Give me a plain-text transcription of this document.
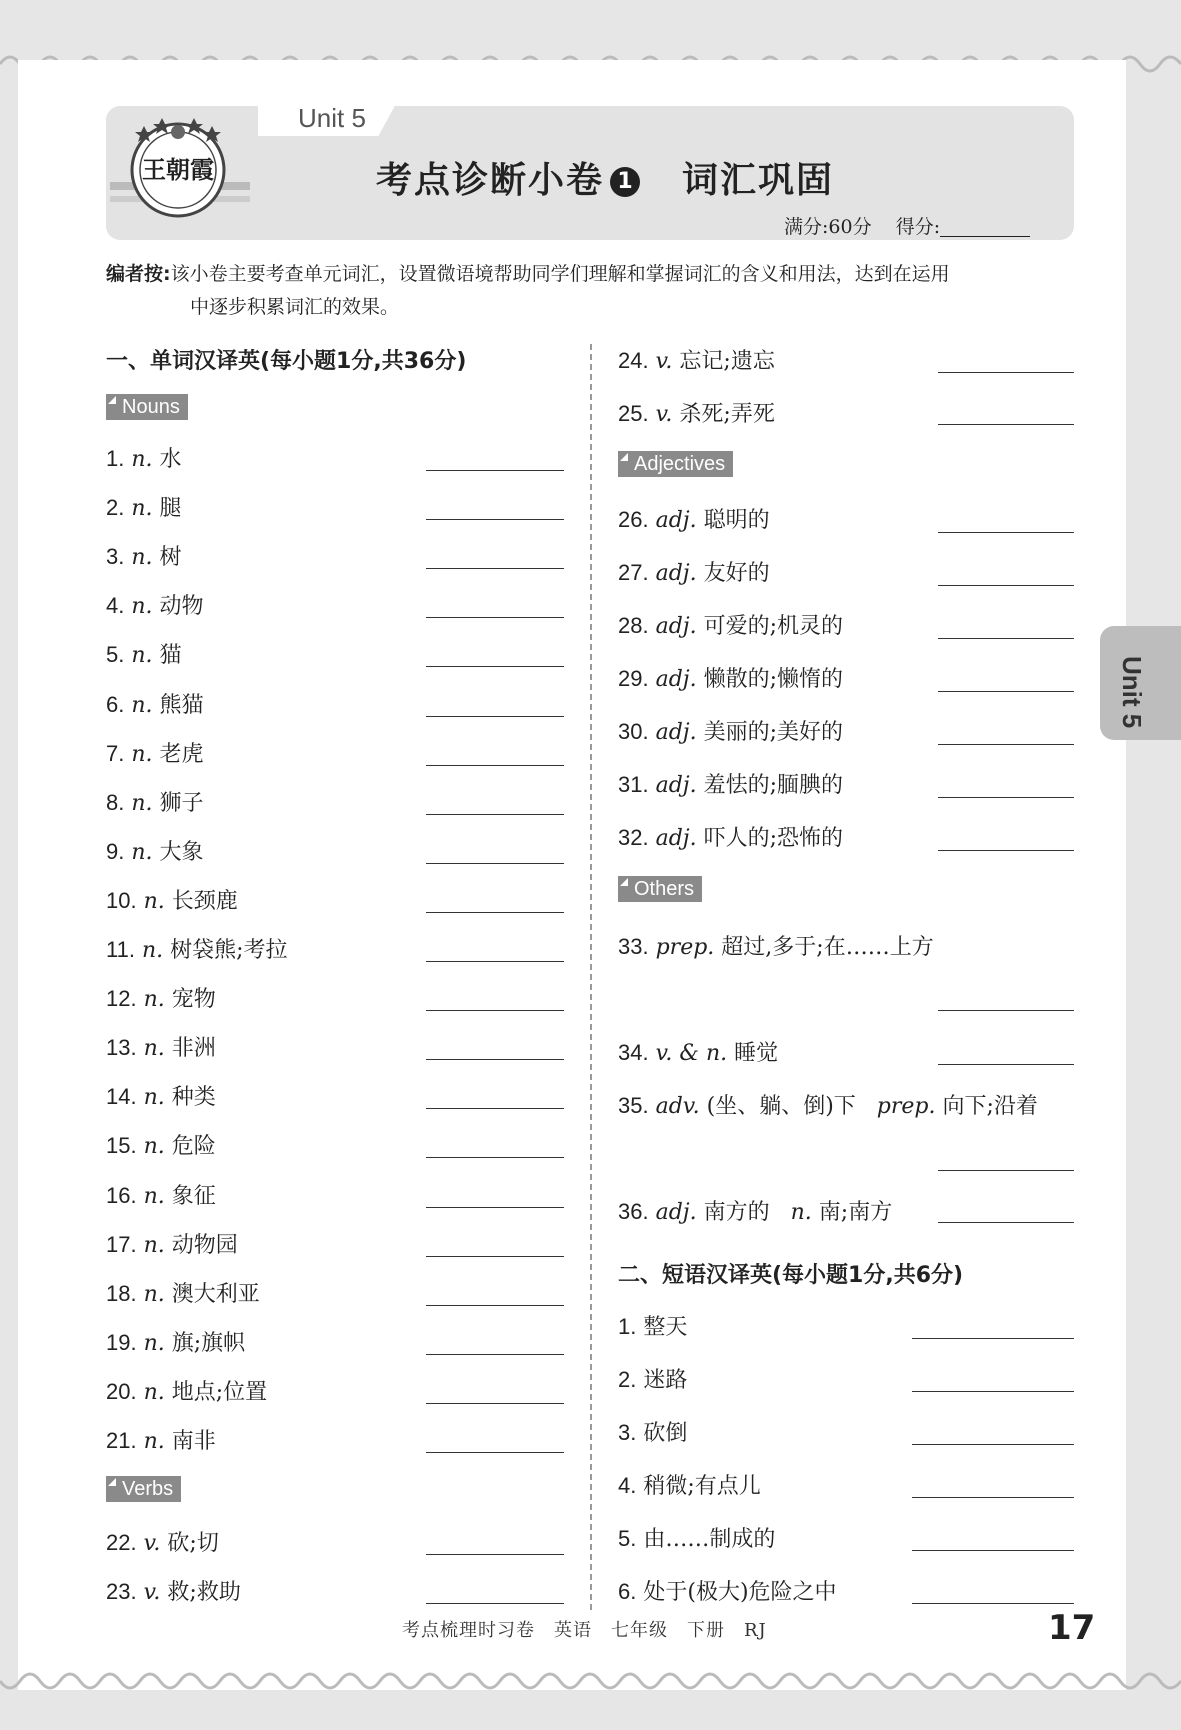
Unit 5
王朝霞	考点诊断小卷 1 词汇巩固
满分:60分 得分:
编者按:该小卷主要考查单元词汇，设置微语境帮助同学们理解和掌握词汇的含义和用法，达到在运用
中逐步积累词汇的效果。
一、单词汉译英(每小题1分,共36分)
二、短语汉译英(每小题1分,共6分)
Nouns
Verbs
Adjectives
Others
1. n. 水
2. n. 腿
3. n. 树
4. n. 动物
5. n. 猫
6. n. 熊猫
7. n. 老虎
8. n. 狮子
9. n. 大象
10. n. 长颈鹿
11. n. 树袋熊;考拉
12. n. 宠物
13. n. 非洲
14. n. 种类
15. n. 危险
16. n. 象征
17. n. 动物园
18. n. 澳大利亚
19. n. 旗;旗帜
20. n. 地点;位置
21. n. 南非
22. v. 砍;切
23. v. 救;救助
24. v. 忘记;遗忘
25. v. 杀死;弄死
26. adj. 聪明的
27. adj. 友好的
28. adj. 可爱的;机灵的
29. adj. 懒散的;懒惰的
30. adj. 美丽的;美好的
31. adj. 羞怯的;腼腆的
32. adj. 吓人的;恐怖的
33. prep. 超过,多于;在……上方
34. v. & n. 睡觉
35. adv. (坐、躺、倒)下 prep. 向下;沿着
36. adj. 南方的 n. 南;南方
1. 整天
2. 迷路
3. 砍倒
4. 稍微;有点儿
5. 由……制成的
6. 处于(极大)危险之中
Unit 5
考点梳理时习卷　英语　七年级　下册　RJ	17
